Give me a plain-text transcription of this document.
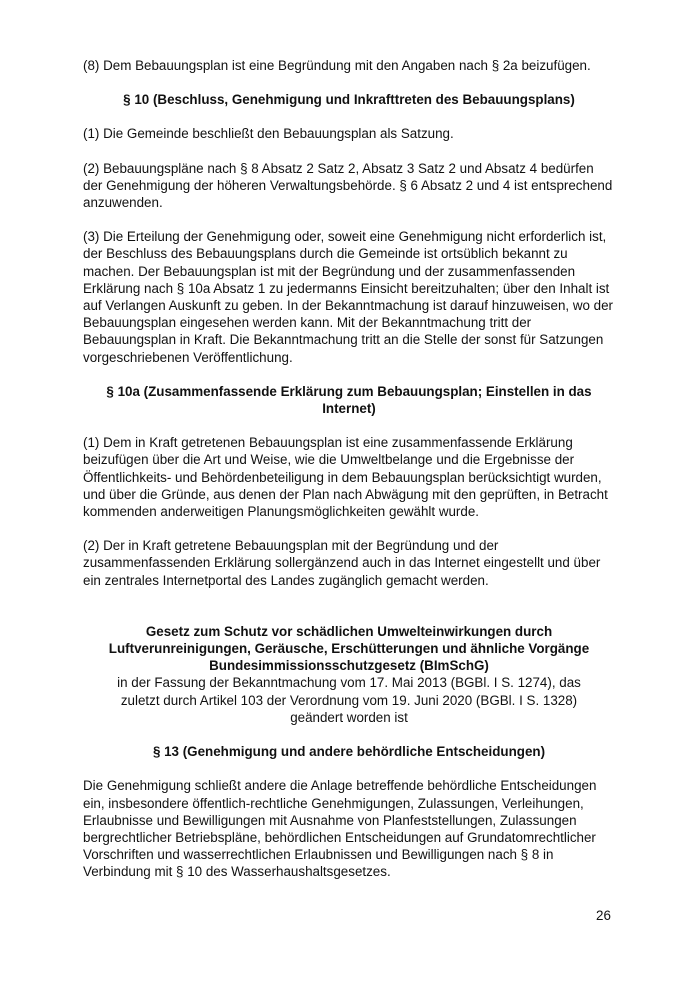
(8) Dem Bebauungsplan ist eine Begründung mit den Angaben nach § 2a beizufügen.

§ 10 (Beschluss, Genehmigung und Inkrafttreten des Bebauungsplans)

(1) Die Gemeinde beschließt den Bebauungsplan als Satzung.

(2) Bebauungspläne nach § 8 Absatz 2 Satz 2, Absatz 3 Satz 2 und Absatz 4 bedürfen der Genehmigung der höheren Verwaltungsbehörde. § 6 Absatz 2 und 4 ist entsprechend anzuwenden.

(3) Die Erteilung der Genehmigung oder, soweit eine Genehmigung nicht erforderlich ist, der Beschluss des Bebauungsplans durch die Gemeinde ist ortsüblich bekannt zu machen. Der Bebauungsplan ist mit der Begründung und der zusammenfassenden Erklärung nach § 10a Absatz 1 zu jedermanns Einsicht bereitzuhalten; über den Inhalt ist auf Verlangen Auskunft zu geben. In der Bekanntmachung ist darauf hinzuweisen, wo der Bebauungsplan eingesehen werden kann. Mit der Bekanntmachung tritt der Bebauungsplan in Kraft. Die Bekanntmachung tritt an die Stelle der sonst für Satzungen vorgeschriebenen Veröffentlichung.

§ 10a (Zusammenfassende Erklärung zum Bebauungsplan; Einstellen in das Internet)

(1) Dem in Kraft getretenen Bebauungsplan ist eine zusammenfassende Erklärung beizufügen über die Art und Weise, wie die Umweltbelange und die Ergebnisse der Öffentlichkeits- und Behördenbeteiligung in dem Bebauungsplan berücksichtigt wurden, und über die Gründe, aus denen der Plan nach Abwägung mit den geprüften, in Betracht kommenden anderweitigen Planungsmöglichkeiten gewählt wurde.

(2) Der in Kraft getretene Bebauungsplan mit der Begründung und der zusammenfassenden Erklärung sollergänzend auch in das Internet eingestellt und über ein zentrales Internetportal des Landes zugänglich gemacht werden.

Gesetz zum Schutz vor schädlichen Umwelteinwirkungen durch
Luftverunreinigungen, Geräusche, Erschütterungen und ähnliche Vorgänge
Bundesimmissionsschutzgesetz (BImSchG)
in der Fassung der Bekanntmachung vom 17. Mai 2013 (BGBl. I S. 1274), das
zuletzt durch Artikel 103 der Verordnung vom 19. Juni 2020 (BGBl. I S. 1328)
geändert worden ist
§ 13 (Genehmigung und andere behördliche Entscheidungen)

Die Genehmigung schließt andere die Anlage betreffende behördliche Entscheidungen ein, insbesondere öffentlich-rechtliche Genehmigungen, Zulassungen, Verleihungen, Erlaubnisse und Bewilligungen mit Ausnahme von Planfeststellungen, Zulassungen bergrechtlicher Betriebspläne, behördlichen Entscheidungen auf Grundatomrechtlicher Vorschriften und wasserrechtlichen Erlaubnissen und Bewilligungen nach § 8 in Verbindung mit § 10 des Wasserhaushaltsgesetzes.

26
